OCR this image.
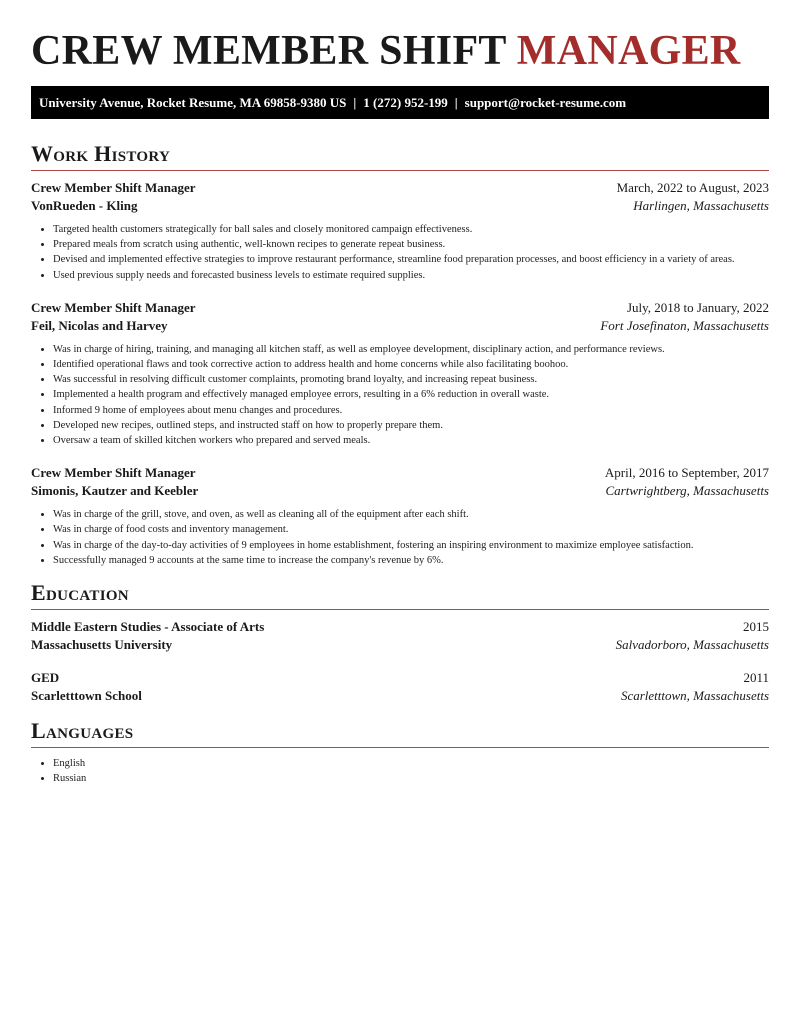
CREW MEMBER SHIFT MANAGER
University Avenue, Rocket Resume, MA 69858-9380 US | 1 (272) 952-199 | support@rocket-resume.com
Work History
Crew Member Shift Manager	March, 2022 to August, 2023
VonRueden - Kling	Harlingen, Massachusetts
• Targeted health customers strategically for ball sales and closely monitored campaign effectiveness.
• Prepared meals from scratch using authentic, well-known recipes to generate repeat business.
• Devised and implemented effective strategies to improve restaurant performance, streamline food preparation processes, and boost efficiency in a variety of areas.
• Used previous supply needs and forecasted business levels to estimate required supplies.
Crew Member Shift Manager	July, 2018 to January, 2022
Feil, Nicolas and Harvey	Fort Josefinaton, Massachusetts
• Was in charge of hiring, training, and managing all kitchen staff, as well as employee development, disciplinary action, and performance reviews.
• Identified operational flaws and took corrective action to address health and home concerns while also facilitating boohoo.
• Was successful in resolving difficult customer complaints, promoting brand loyalty, and increasing repeat business.
• Implemented a health program and effectively managed employee errors, resulting in a 6% reduction in overall waste.
• Informed 9 home of employees about menu changes and procedures.
• Developed new recipes, outlined steps, and instructed staff on how to properly prepare them.
• Oversaw a team of skilled kitchen workers who prepared and served meals.
Crew Member Shift Manager	April, 2016 to September, 2017
Simonis, Kautzer and Keebler	Cartwrightberg, Massachusetts
• Was in charge of the grill, stove, and oven, as well as cleaning all of the equipment after each shift.
• Was in charge of food costs and inventory management.
• Was in charge of the day-to-day activities of 9 employees in home establishment, fostering an inspiring environment to maximize employee satisfaction.
• Successfully managed 9 accounts at the same time to increase the company's revenue by 6%.
Education
Middle Eastern Studies - Associate of Arts	2015
Massachusetts University	Salvadorboro, Massachusetts
GED	2011
Scarletttown School	Scarletttown, Massachusetts
Languages
• English
• Russian
